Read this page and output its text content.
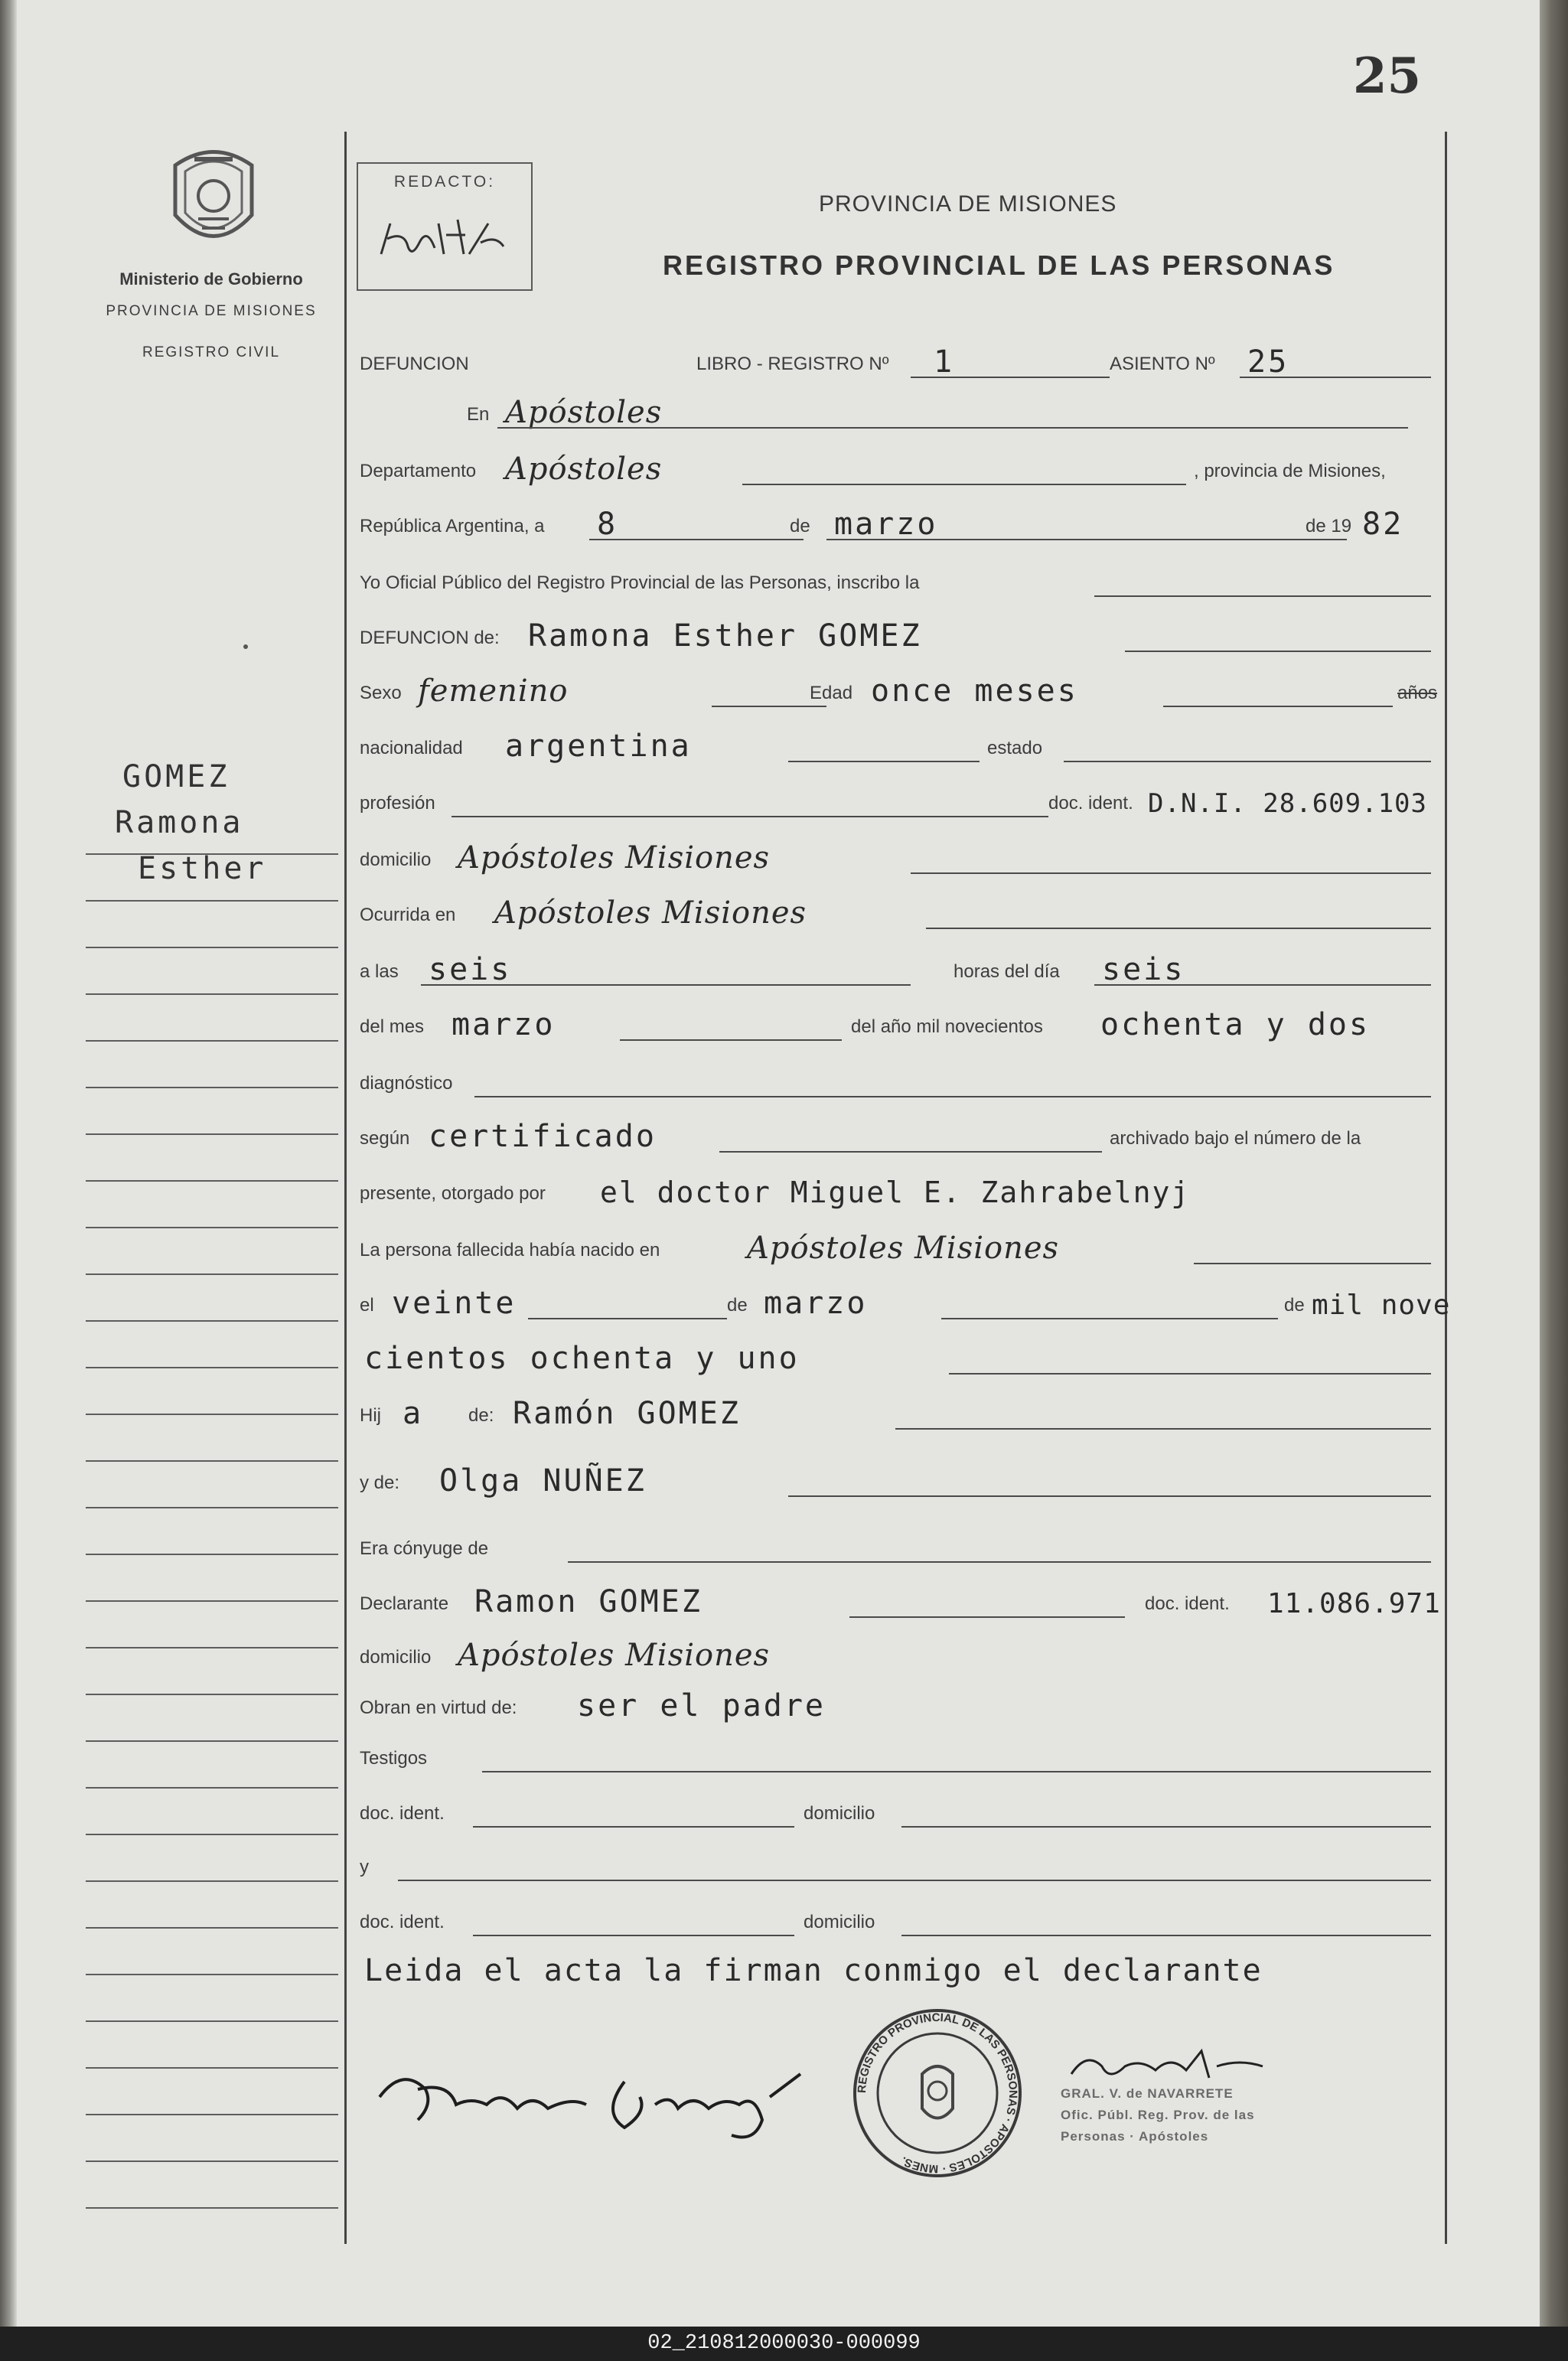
25
Ministerio de Gobierno
PROVINCIA DE MISIONES
REGISTRO CIVIL
GOMEZ
Ramona
Esther
REDACTO:
PROVINCIA DE MISIONES
REGISTRO PROVINCIAL DE LAS PERSONAS
DEFUNCION	LIBRO - REGISTRO Nº 1	ASIENTO Nº 25
En Apóstoles
Departamento Apóstoles	, provincia de Misiones,
República Argentina, a 8	de marzo	de 19 82
Yo Oficial Público del Registro Provincial de las Personas, inscribo la
DEFUNCION de: Ramona Esther GOMEZ
Sexo femenino	Edad once meses	años
nacionalidad argentina	estado
profesión	doc. ident. D.N.I. 28.609.103
domicilio Apóstoles Misiones
Ocurrida en Apóstoles Misiones
a las seis	horas del día seis
del mes marzo	del año mil novecientos ochenta y dos
diagnóstico
según certificado	archivado bajo el número de la
presente, otorgado por el doctor Miguel E. Zahrabelnyj
La persona fallecida había nacido en	Apóstoles Misiones
el veinte	de marzo	de mil nove
cientos ochenta y uno
Hij a de: Ramón GOMEZ
y de: Olga NUÑEZ
Era cónyuge de
Declarante Ramon GOMEZ	doc. ident. 11.086.971
domicilio Apóstoles Misiones
Obran en virtud de: ser el padre
Testigos
doc. ident.	domicilio
y
doc. ident.	domicilio
Leida el acta la firman conmigo el declarante
REGISTRO PROVINCIAL DE LAS PERSONAS · APOSTOLES · MNES.
GRAL. V. de NAVARRETE
Ofic. Públ. Reg. Prov. de las
Personas · Apóstoles
02_210812000030-000099
